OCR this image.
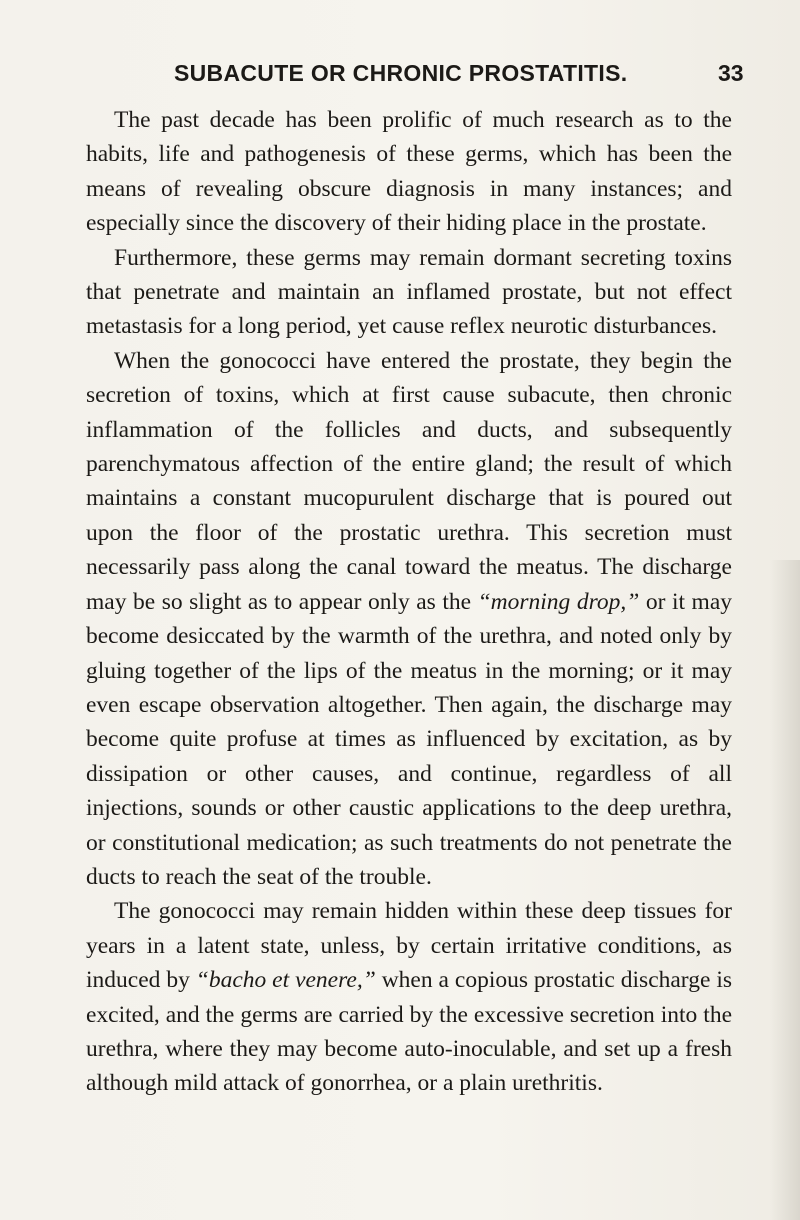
SUBACUTE OR CHRONIC PROSTATITIS.	33

The past decade has been prolific of much research as to the habits, life and pathogenesis of these germs, which has been the means of revealing obscure diagnosis in many instances; and especially since the discovery of their hiding place in the prostate.

Furthermore, these germs may remain dormant secreting toxins that penetrate and maintain an inflamed prostate, but not effect metastasis for a long period, yet cause reflex neurotic disturbances.

When the gonococci have entered the prostate, they begin the secretion of toxins, which at first cause subacute, then chronic inflammation of the follicles and ducts, and subsequently parenchymatous affection of the entire gland; the result of which maintains a constant mucopurulent discharge that is poured out upon the floor of the prostatic urethra. This secretion must necessarily pass along the canal toward the meatus. The discharge may be so slight as to appear only as the “morning drop,” or it may become desiccated by the warmth of the urethra, and noted only by gluing together of the lips of the meatus in the morning; or it may even escape observation altogether. Then again, the discharge may become quite profuse at times as influenced by excitation, as by dissipation or other causes, and continue, regardless of all injections, sounds or other caustic applications to the deep urethra, or constitutional medication; as such treatments do not penetrate the ducts to reach the seat of the trouble.

The gonococci may remain hidden within these deep tissues for years in a latent state, unless, by certain irritative conditions, as induced by “bacho et venere,” when a copious prostatic discharge is excited, and the germs are carried by the excessive secretion into the urethra, where they may become auto-inoculable, and set up a fresh although mild attack of gonorrhea, or a plain urethritis.
